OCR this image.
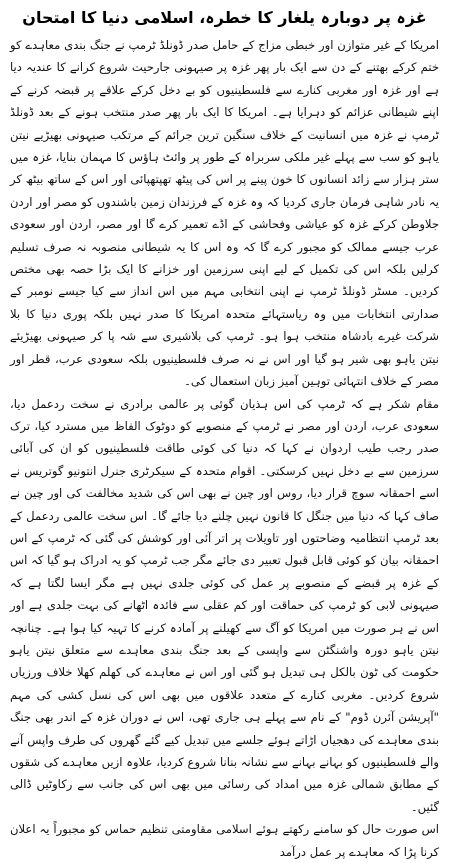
غزہ پر دوبارہ یلغار کا خطرہ، اسلامی دنیا کا امتحان

امریکا کے غیر متوازن اور خبطی مزاج کے حامل صدر ڈونلڈ ٹرمپ نے جنگ بندی معاہدے کو ختم کرکے بھتنے کے دن سے ایک بار پھر غزہ پر صیہونی جارحیت شروع کرانے کا عندیہ دیا ہے اور غزہ اور مغربی کنارے سے فلسطینیوں کو بے دخل کرکے علاقے پر قبضہ کرنے کے اپنے شیطانی عزائم کو دہرایا ہے۔ امریکا کا ایک بار پھر صدر منتخب ہونے کے بعد ڈونلڈ ٹرمپ نے غزہ میں انسانیت کے خلاف سنگین ترین جرائم کے مرتکب صیہونی بھیڑیے نیتن یاہو کو سب سے پہلے غیر ملکی سربراہ کے طور پر وائٹ ہاؤس کا مہمان بنایا، غزہ میں ستر ہزار سے زائد انسانوں کا خون پینے پر اس کی پیٹھ تھپتھپائی اور اس کے ساتھ بیٹھ کر یہ نادر شاہی فرمان جاری کردیا کہ وہ غزہ کے فرزندان زمین باشندوں کو مصر اور اردن جلاوطن کرکے غزہ کو عیاشی وفحاشی کے اڈے تعمیر کرے گا اور مصر، اردن اور سعودی عرب جیسے ممالک کو مجبور کرے گا کہ وہ اس کا یہ شیطانی منصوبہ نہ صرف تسلیم کرلیں بلکہ اس کی تکمیل کے لیے اپنی سرزمین اور خزانے کا ایک بڑا حصہ بھی مختص کردیں۔ مسٹر ڈونلڈ ٹرمپ نے اپنی انتخابی مہم میں اس انداز سے کیا جیسے نومبر کے صدارتی انتخابات میں وہ ریاستہائے متحدہ امریکا کا صدر نہیں بلکہ پوری دنیا کا بلا شرکت غیرے بادشاہ منتخب ہوا ہو۔ ٹرمپ کی بلاشیری سے شہ پا کر صیہونی بھیڑیئے نیتن یاہو بھی شیر ہو گیا اور اس نے نہ صرف فلسطینیوں بلکہ سعودی عرب، قطر اور مصر کے خلاف انتہائی توہین آمیز زبان استعمال کی۔

مقام شکر ہے کہ ٹرمپ کی اس ہذیان گوئی پر عالمی برادری نے سخت ردعمل دیا، سعودی عرب، اردن اور مصر نے ٹرمپ کے منصوبے کو دوٹوک الفاظ میں مسترد کیا، ترک صدر رجب طیب اردوان نے کہا کہ دنیا کی کوئی طاقت فلسطینیوں کو ان کی آبائی سرزمین سے بے دخل نہیں کرسکتی۔ اقوام متحدہ کے سیکرٹری جنرل انتونیو گوتریس نے اسے احمقانہ سوچ قرار دیا، روس اور چین نے بھی اس کی شدید مخالفت کی اور چین نے صاف کہا کہ دنیا میں جنگل کا قانون نہیں چلنے دیا جائے گا۔ اس سخت عالمی ردعمل کے بعد ٹرمپ انتظامیہ وضاحتوں اور تاویلات پر اتر آئی اور کوشش کی گئی کہ ٹرمپ کے اس احمقانہ بیان کو کوئی قابل قبول تعبیر دی جائے مگر جب ٹرمپ کو یہ ادراک ہو گیا کہ اس کے غزہ پر قبضے کے منصوبے پر عمل کی کوئی جلدی نہیں ہے مگر ایسا لگتا ہے کہ صیہونی لابی کو ٹرمپ کی حماقت اور کم عقلی سے فائدہ اٹھانے کی بہت جلدی ہے اور اس نے ہر صورت میں امریکا کو آگ سے کھیلنے پر آمادہ کرنے کا تہیہ کیا ہوا ہے۔ چنانچہ نیتن یاہو دورہ واشنگٹن سے واپسی کے بعد جنگ بندی معاہدے سے متعلق نیتن یاہو حکومت کی ٹون بالکل ہی تبدیل ہو گئی اور اس نے معاہدے کی کھلم کھلا خلاف ورزیاں شروع کردیں۔ مغربی کنارے کے متعدد علاقوں میں بھی اس کی نسل کشی کی مہم "آپریشن آئرن ڈوم" کے نام سے پہلے ہی جاری تھی، اس نے دوران غزہ کے اندر بھی جنگ بندی معاہدے کی دھجیاں اڑاتے ہوئے جلسے میں تبدیل کیے گئے گھروں کی طرف واپس آنے والے فلسطینیوں کو بہانے بہانے سے نشانہ بنانا شروع کردیا، علاوہ ازیں معاہدے کی شقوں کے مطابق شمالی غزہ میں امداد کی رسائی میں بھی اس کی جانب سے رکاوٹیں ڈالی گئیں۔

اس صورت حال کو سامنے رکھتے ہوئے اسلامی مقاومتی تنظیم حماس کو مجبوراً یہ اعلان کرنا پڑا کہ معاہدے پر عمل درآمد
